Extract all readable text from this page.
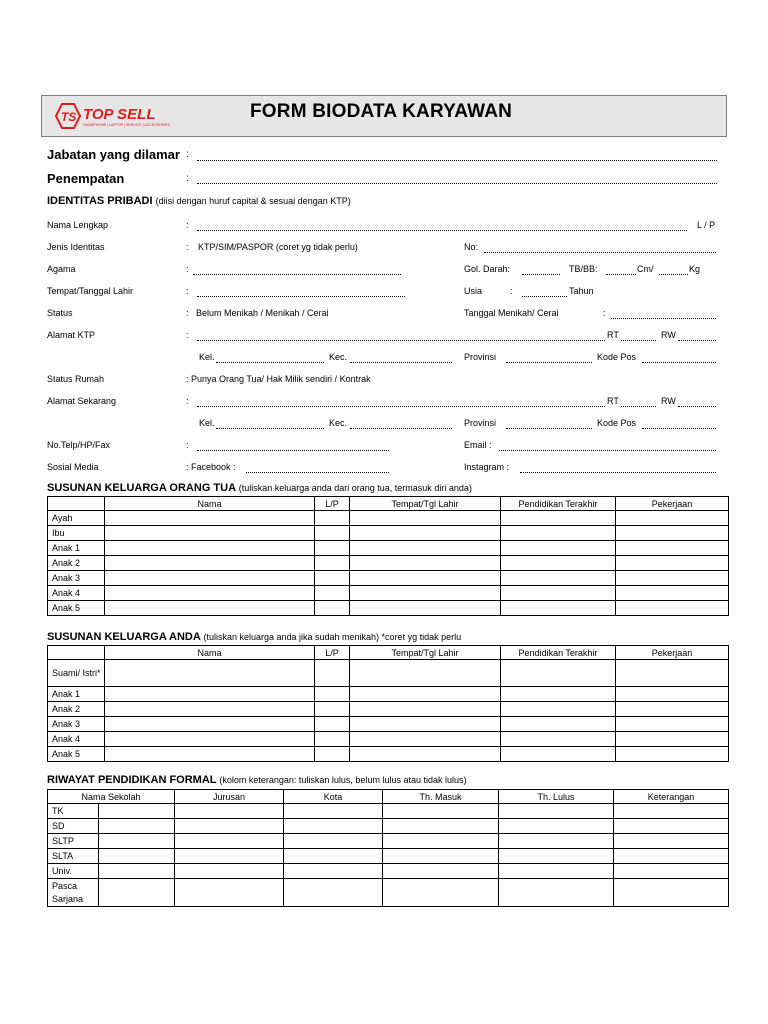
TS TOP SELL
HANDPHONE | LAPTOP | SERVICE | ACCESSORIES
FORM BIODATA KARYAWAN
Jabatan yang dilamar :
Penempatan	:
IDENTITAS PRIBADI (diisi dengan huruf capital & sesuai dengan KTP)
Nama Lengkap	:	L / P
Jenis Identitas	: KTP/SIM/PASPOR (coret yg tidak perlu)	No:
Agama	:	Gol. Darah:	TB/BB:	Cm/	Kg
Tempat/Tanggal Lahir	:	Usia	:	Tahun
Status	: Belum Menikah / Menikah / Cerai	Tanggal Menikah/ Cerai	:
Alamat KTP	:	RT	RW
Kel.	Kec.	Provinsi	Kode Pos
Status Rumah	: Punya Orang Tua/ Hak Milik sendiri / Kontrak
Alamat Sekarang	:	RT	RW
Kel.	Kec.	Provinsi	Kode Pos
No.Telp/HP/Fax	:	Email :
Sosial Media	: Facebook :	Instagram :
SUSUNAN KELUARGA ORANG TUA (tuliskan keluarga anda dari orang tua, termasuk diri anda)
	Nama	L/P	Tempat/Tgl Lahir	Pendidikan Terakhir	Pekerjaan
Ayah					
Ibu					
Anak 1					
Anak 2					
Anak 3					
Anak 4					
Anak 5					
SUSUNAN KELUARGA ANDA (tuliskan keluarga anda jika sudah menikah) *coret yg tidak perlu
	Nama	L/P	Tempat/Tgl Lahir	Pendidikan Terakhir	Pekerjaan
Suami/ Istri*					
Anak 1					
Anak 2					
Anak 3					
Anak 4					
Anak 5					
RIWAYAT PENDIDIKAN FORMAL (kolom keterangan: tuliskan lulus, belum lulus atau tidak lulus)
Nama Sekolah		Jurusan	Kota	Th. Masuk	Th. Lulus	Keterangan
TK						
SD						
SLTP						
SLTA						
Univ.						
Pasca Sarjana						
